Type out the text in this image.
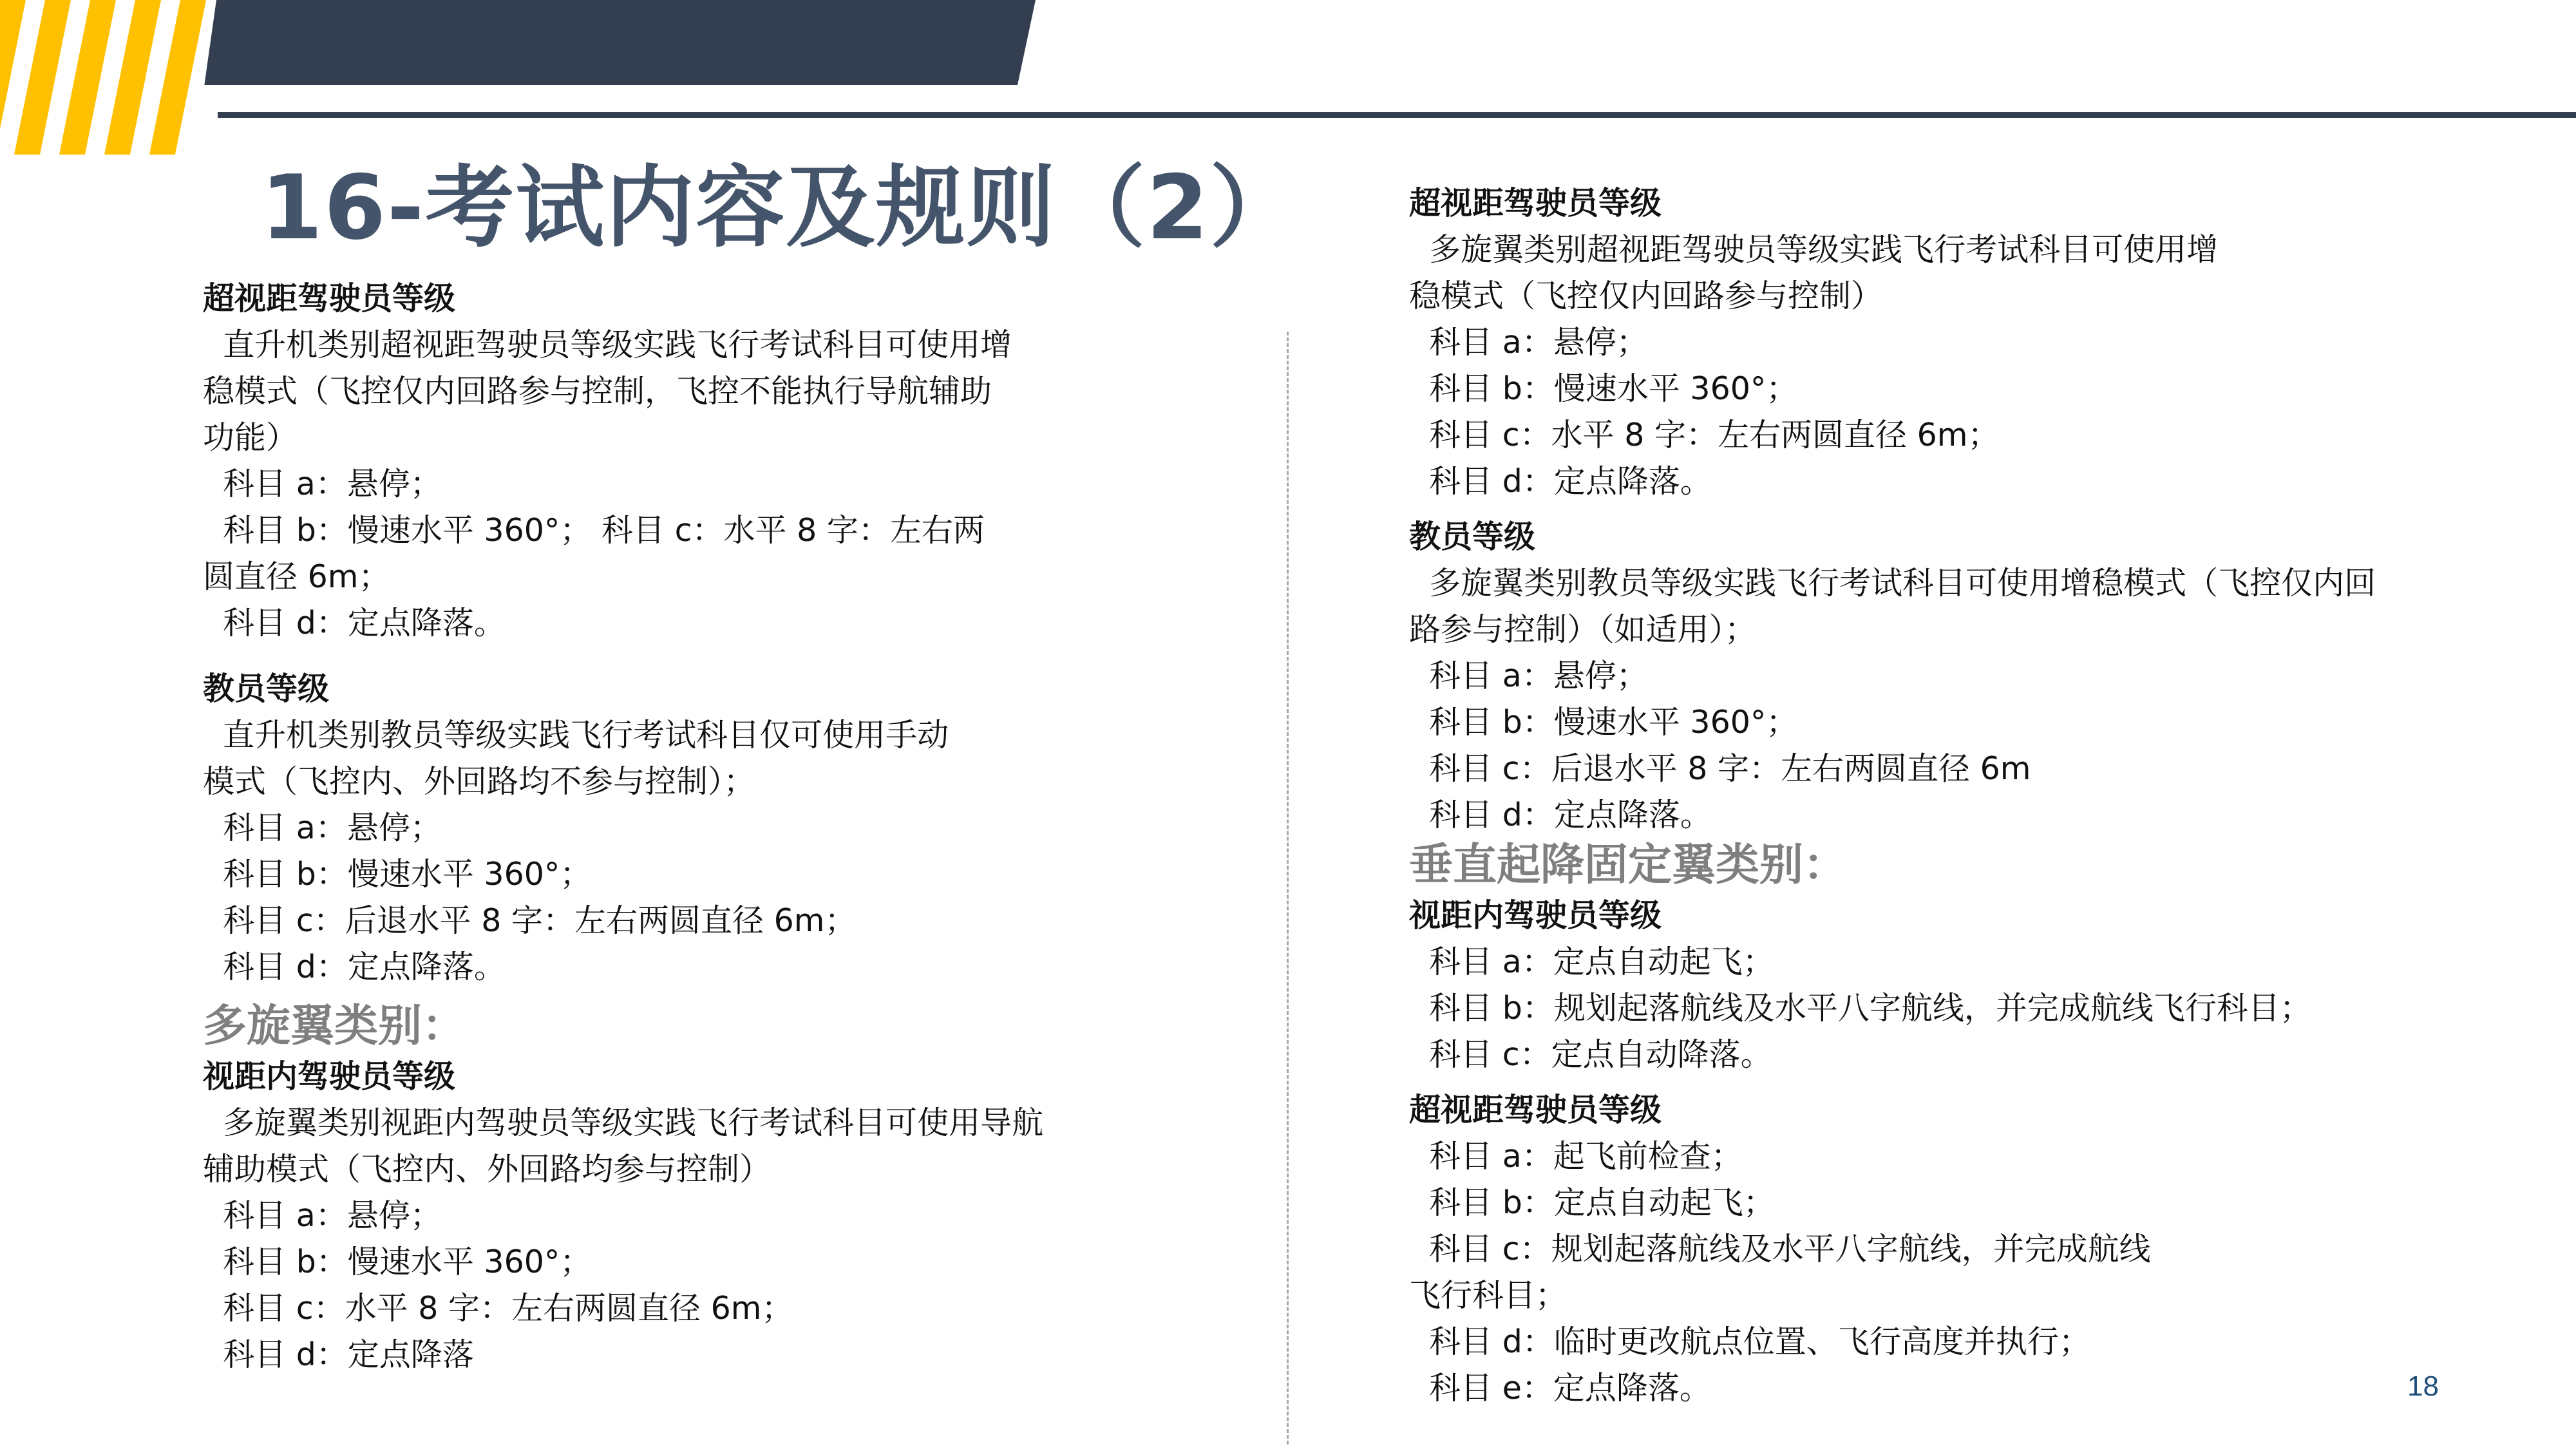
16-考试内容及规则（2）
超视距驾驶员等级
直升机类别超视距驾驶员等级实践飞行考试科目可使用增
稳模式（飞控仅内回路参与控制，飞控不能执行导航辅助
功能）
科目 a：悬停；
科目 b：慢速水平 360°； 科目 c：水平 8 字：左右两
圆直径 6m；
科目 d：定点降落。
教员等级
直升机类别教员等级实践飞行考试科目仅可使用手动
模式（飞控内、外回路均不参与控制）；
科目 a：悬停；
科目 b：慢速水平 360°；
科目 c：后退水平 8 字：左右两圆直径 6m；
科目 d：定点降落。
多旋翼类别：
视距内驾驶员等级
多旋翼类别视距内驾驶员等级实践飞行考试科目可使用导航
辅助模式（飞控内、外回路均参与控制）
科目 a：悬停；
科目 b：慢速水平 360°；
科目 c：水平 8 字：左右两圆直径 6m；
科目 d：定点降落
超视距驾驶员等级
多旋翼类别超视距驾驶员等级实践飞行考试科目可使用增
稳模式（飞控仅内回路参与控制）
科目 a：悬停；
科目 b：慢速水平 360°；
科目 c：水平 8 字：左右两圆直径 6m；
科目 d：定点降落。
教员等级
多旋翼类别教员等级实践飞行考试科目可使用增稳模式（飞控仅内回
路参与控制）（如适用）；
科目 a：悬停；
科目 b：慢速水平 360°；
科目 c：后退水平 8 字：左右两圆直径 6m
科目 d：定点降落。
垂直起降固定翼类别：
视距内驾驶员等级
科目 a：定点自动起飞；
科目 b：规划起落航线及水平八字航线，并完成航线飞行科目；
科目 c：定点自动降落。
超视距驾驶员等级
科目 a：起飞前检查；
科目 b：定点自动起飞；
科目 c：规划起落航线及水平八字航线，并完成航线
飞行科目；
科目 d：临时更改航点位置、飞行高度并执行；
科目 e：定点降落。	18
